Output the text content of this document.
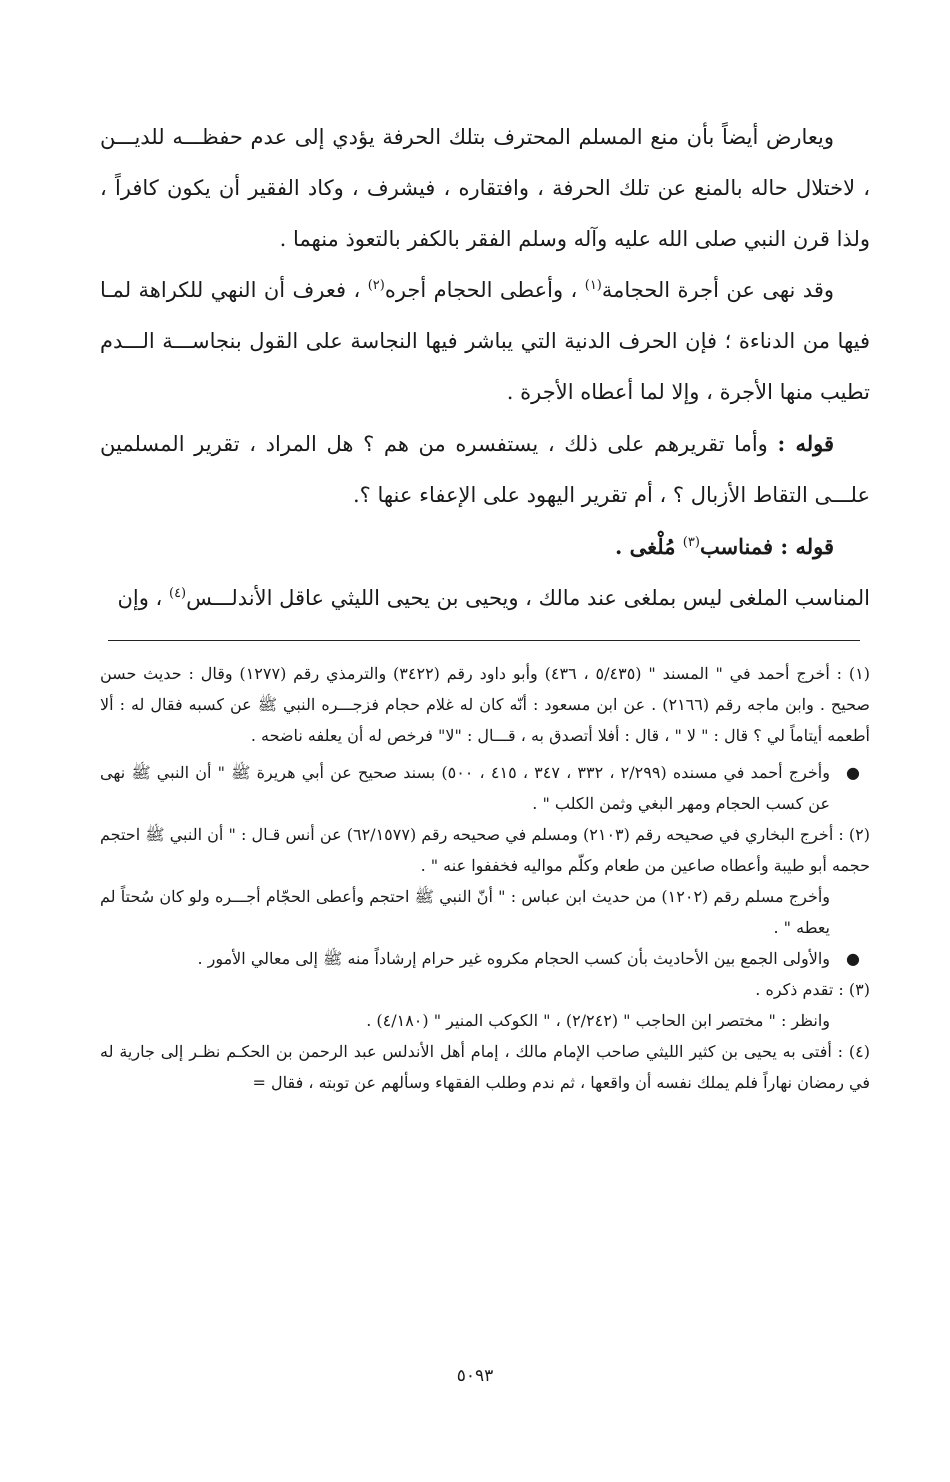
ويعارض أيضاً بأن منع المسلم المحترف بتلك الحرفة يؤدي إلى عدم حفظـــه للديـــن ، لاختلال حاله بالمنع عن تلك الحرفة ، وافتقاره ، فيشرف ، وكاد الفقير أن يكون كافراً ، ولذا قرن النبي صلى الله عليه وآله وسلم الفقر بالكفر بالتعوذ منهما .

وقد نهى عن أجرة الحجامة$^{(١)}$ ، وأعطى الحجام أجره$^{(٢)}$ ، فعرف أن النهي للكراهة لمـا فيها من الدناءة ؛ فإن الحرف الدنية التي يباشر فيها النجاسة على القول بنجاســـة الـــدم تطيب منها الأجرة ، وإلا لما أعطاه الأجرة .

قوله : وأما تقريرهم على ذلك ، يستفسره من هم ؟ هل المراد ، تقرير المسلمين علـــى التقاط الأزبال ؟ ، أم تقرير اليهود على الإعفاء عنها ؟.

قوله : فمناسب$^{(٣)}$ مُلْغى .

المناسب الملغى ليس بملغى عند مالك ، ويحيى بن يحيى الليثي عاقل الأندلـــس$^{(٤)}$ ، وإن

(١) : أخرج أحمد في " المسند " (٥/٤٣٥ ، ٤٣٦) وأبو داود رقم (٣٤٢٢) والترمذي رقم (١٢٧٧) وقال : حديث حسن صحيح . وابن ماجه رقم (٢١٦٦) . عن ابن مسعود : أنّه كان له غلام حجام فزجـــره النبي ﷺ عن كسبه فقال له : ألا أطعمه أيتاماً لي ؟ قال : " لا " ، قال : أفلا أتصدق به ، قـــال : "لا" فرخص له أن يعلفه ناضحه .

●
وأخرج أحمد في مسنده (٢/٢٩٩ ، ٣٣٢ ، ٣٤٧ ، ٤١٥ ، ٥٠٠) بسند صحيح عن أبي هريرة ﷺ " أن النبي ﷺ نهى عن كسب الحجام ومهر البغي وثمن الكلب " .

(٢) : أخرج البخاري في صحيحه رقم (٢١٠٣) ومسلم في صحيحه رقم (٦٢/١٥٧٧) عن أنس قـال : " أن النبي ﷺ احتجم حجمه أبو طيبة وأعطاه صاعين من طعام وكلّم مواليه فخففوا عنه " .

وأخرج مسلم رقم (١٢٠٢) من حديث ابن عباس : " أنّ النبي ﷺ احتجم وأعطى الحجّام أجـــره ولو كان سُحتاً لم يعطه " .

●
والأولى الجمع بين الأحاديث بأن كسب الحجام مكروه غير حرام إرشاداً منه ﷺ إلى معالي الأمور .

(٣) : تقدم ذكره .

وانظر : " مختصر ابن الحاجب " (٢/٢٤٢) ، " الكوكب المنير " (٤/١٨٠) .

(٤) : أفتى به يحيى بن كثير الليثي صاحب الإمام مالك ، إمام أهل الأندلس عبد الرحمن بن الحكـم نظـر إلى جارية له في رمضان نهاراً فلم يملك نفسه أن واقعها ، ثم ندم وطلب الفقهاء وسألهم عن توبته ، فقال =

٥٠٩٣
